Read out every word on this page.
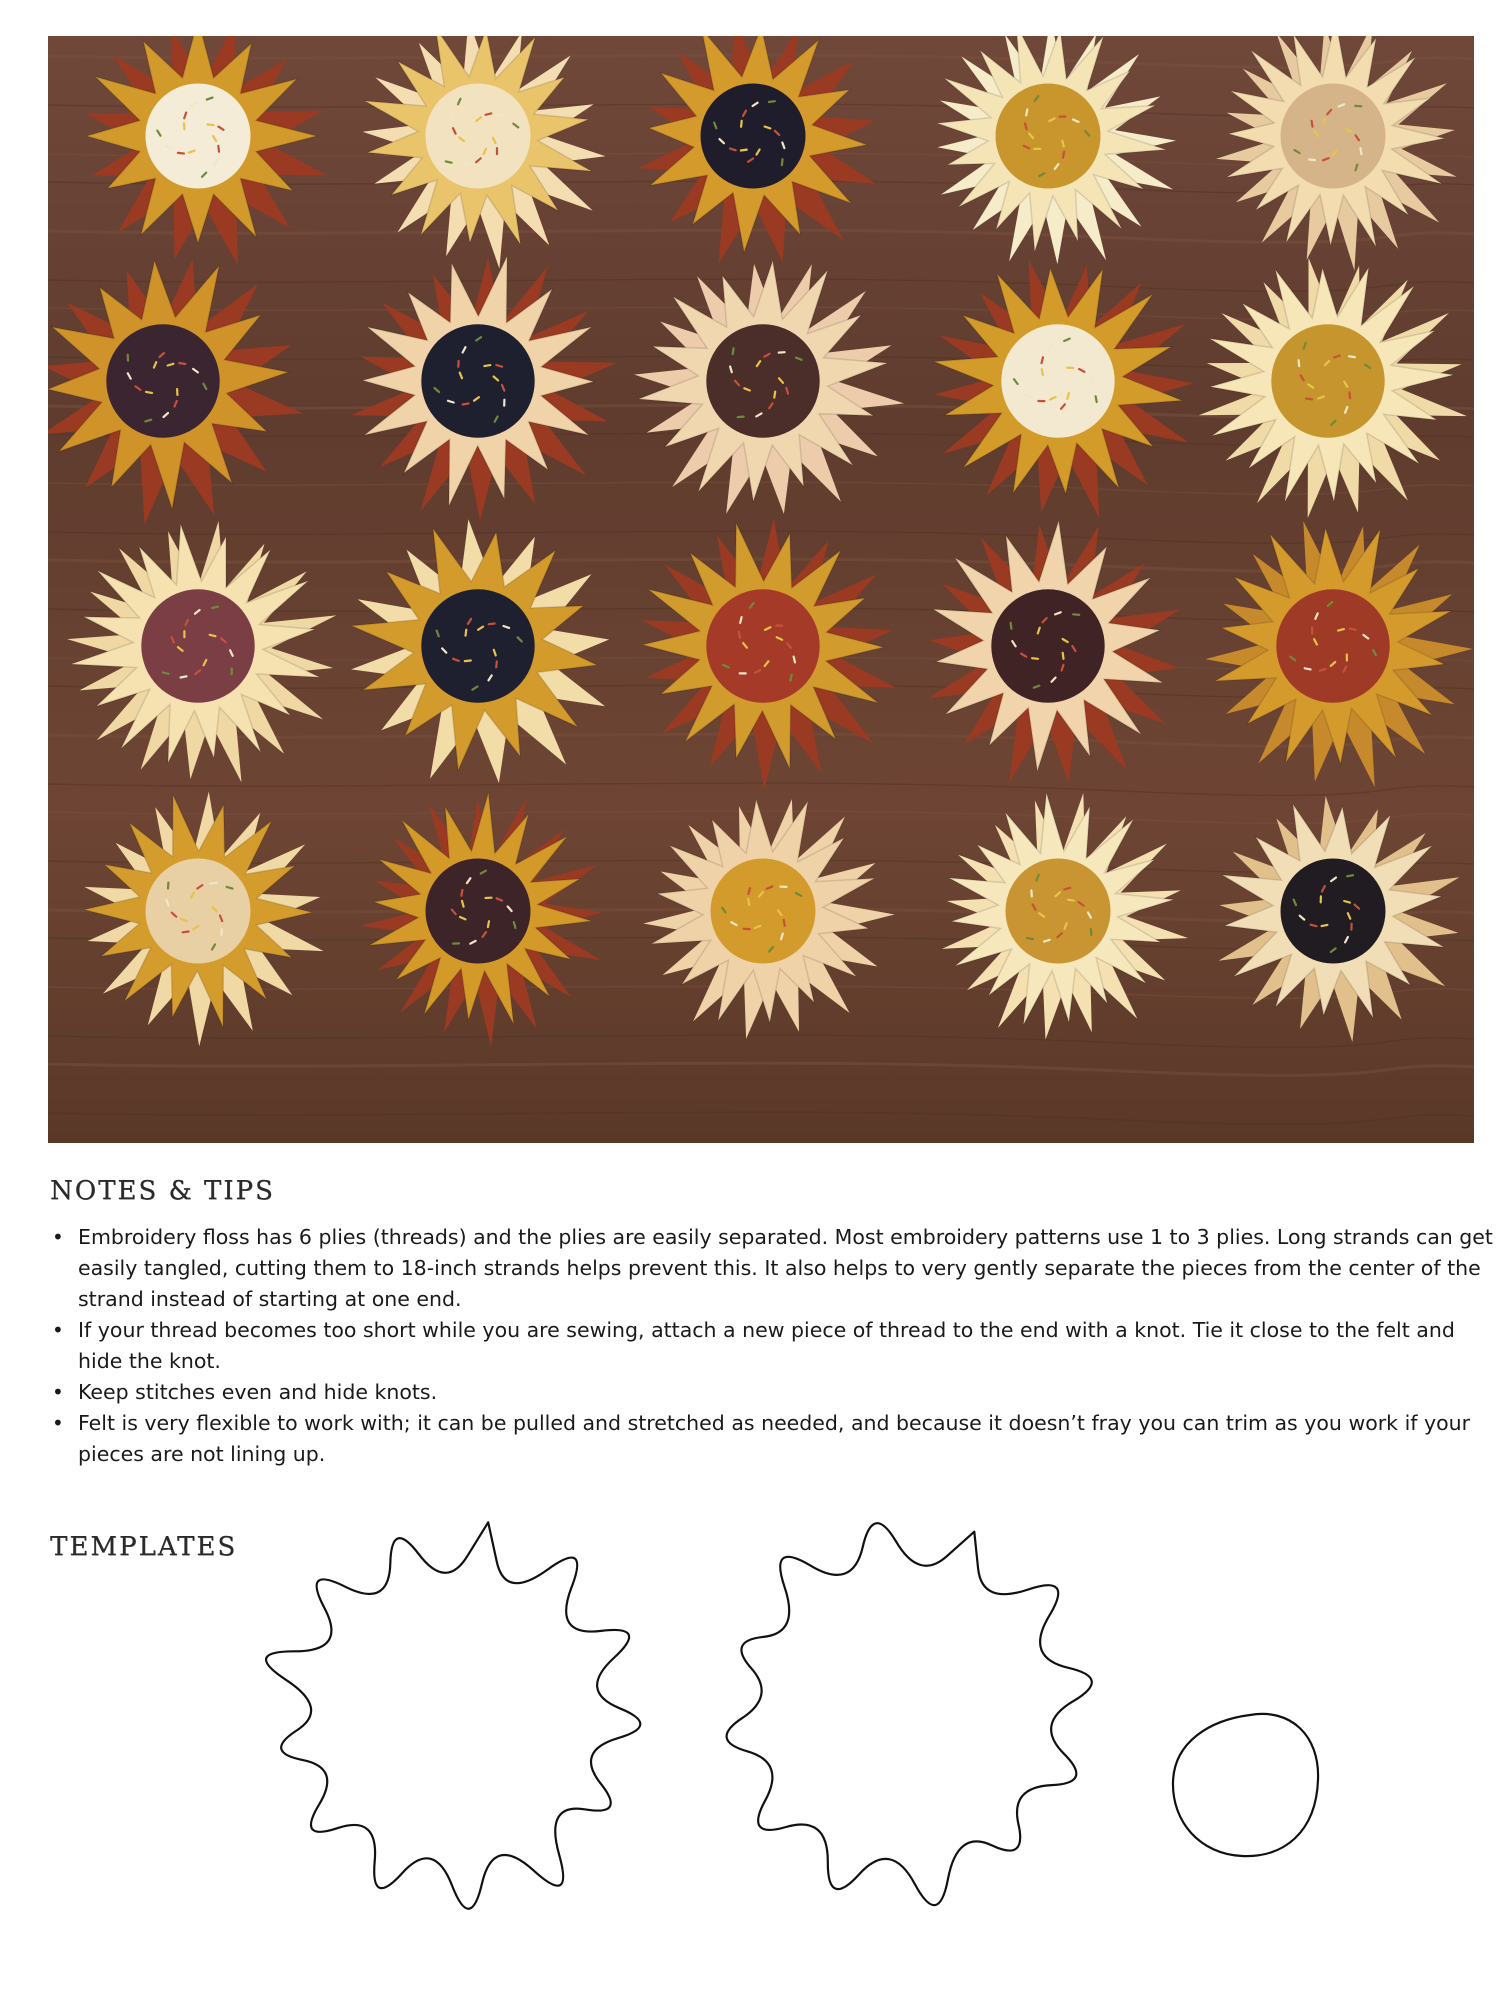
NOTES & TIPS
• Embroidery floss has 6 plies (threads) and the plies are easily separated. Most embroidery patterns use 1 to 3 plies. Long strands can get easily tangled, cutting them to 18-inch strands helps prevent this. It also helps to very gently separate the pieces from the center of the strand instead of starting at one end.
• If your thread becomes too short while you are sewing, attach a new piece of thread to the end with a knot. Tie it close to the felt and hide the knot.
• Keep stitches even and hide knots.
• Felt is very flexible to work with; it can be pulled and stretched as needed, and because it doesn’t fray you can trim as you work if your pieces are not lining up.
TEMPLATES
